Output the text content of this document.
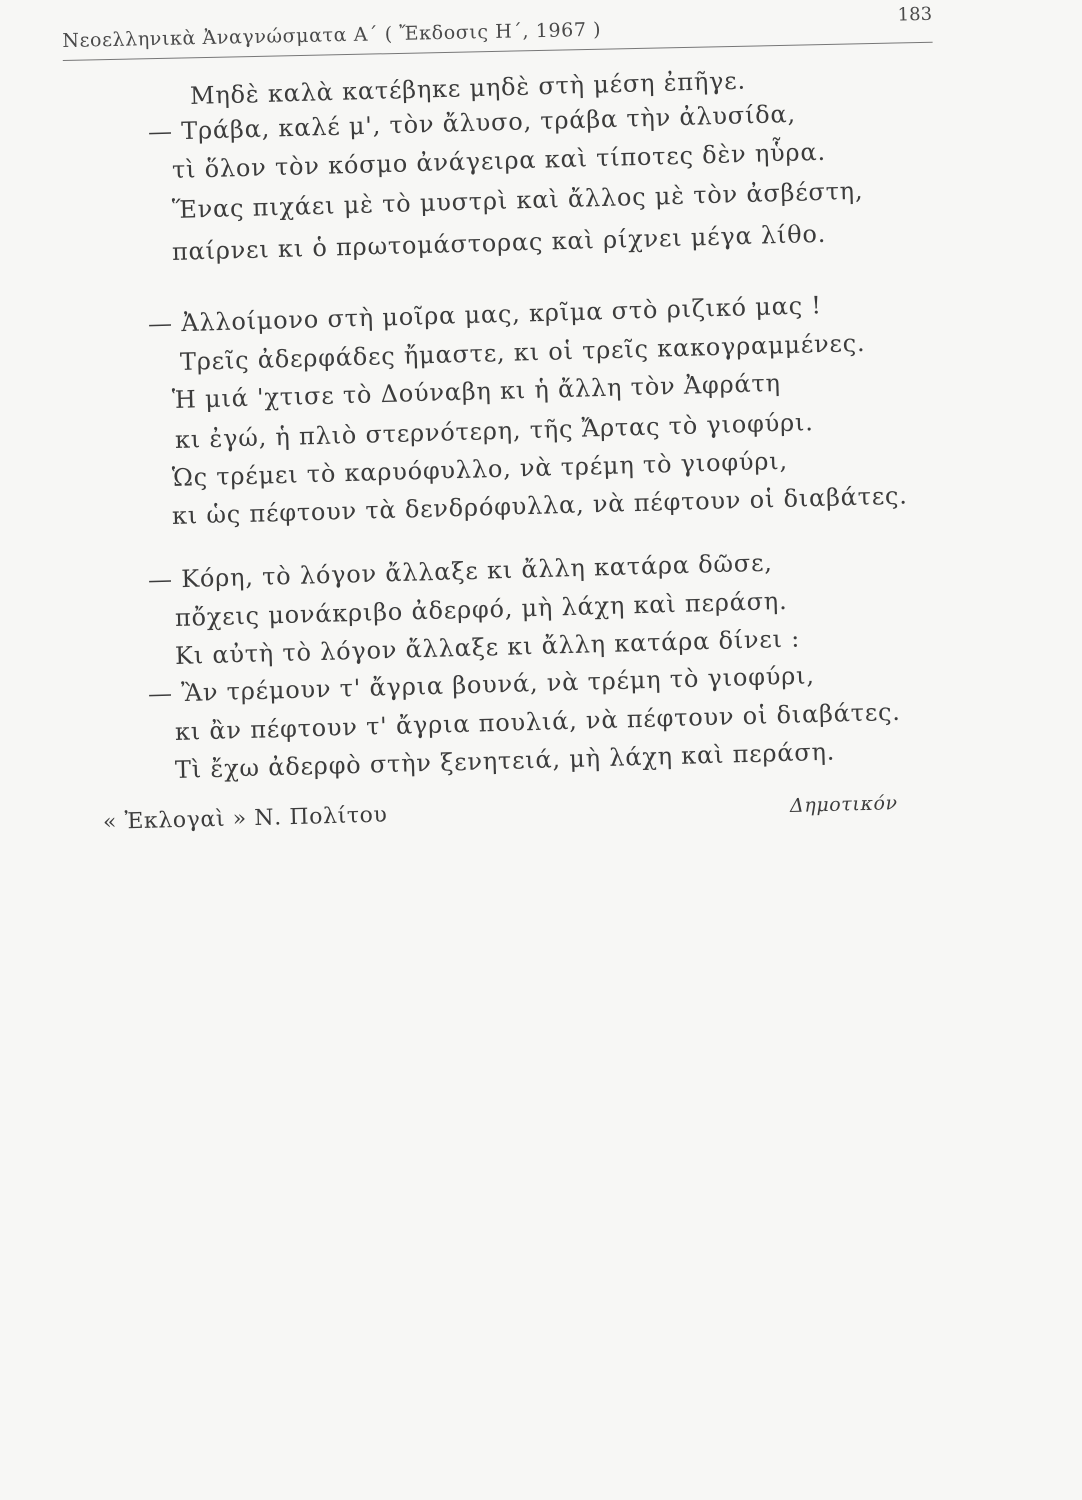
Νεοελληνικὰ Ἀναγνώσματα Α΄ ( Ἔκδοσις Η΄, 1967 )
183
Μηδὲ καλὰ κατέβηκε μηδὲ στὴ μέση ἐπῆγε.
— Τράβα, καλέ μ', τὸν ἄλυσο, τράβα τὴν ἀλυσίδα,
τὶ ὅλον τὸν κόσμο ἀνάγειρα καὶ τίποτες δὲν ηὗρα.
Ἕνας πιχάει μὲ τὸ μυστρὶ καὶ ἄλλος μὲ τὸν ἀσβέστη,
παίρνει κι ὁ πρωτομάστορας καὶ ρίχνει μέγα λίθο.
— Ἀλλοίμονο στὴ μοῖρα μας, κρῖμα στὸ ριζικό μας !
Τρεῖς ἀδερφάδες ἤμαστε, κι οἱ τρεῖς κακογραμμένες.
Ἡ μιά 'χτισε τὸ Δούναβη κι ἡ ἄλλη τὸν Ἀφράτη
κι ἐγώ, ἡ πλιὸ στερνότερη, τῆς Ἄρτας τὸ γιοφύρι.
Ὡς τρέμει τὸ καρυόφυλλο, νὰ τρέμη τὸ γιοφύρι,
κι ὡς πέφτουν τὰ δενδρόφυλλα, νὰ πέφτουν οἱ διαβάτες.
— Κόρη, τὸ λόγον ἄλλαξε κι ἄλλη κατάρα δῶσε,
πὄχεις μονάκριβο ἀδερφό, μὴ λάχη καὶ περάση.
Κι αὐτὴ τὸ λόγον ἄλλαξε κι ἄλλη κατάρα δίνει :
— Ἂν τρέμουν τ' ἄγρια βουνά, νὰ τρέμη τὸ γιοφύρι,
κι ἂν πέφτουν τ' ἄγρια πουλιά, νὰ πέφτουν οἱ διαβάτες.
Τὶ ἔχω ἀδερφὸ στὴν ξενητειά, μὴ λάχη καὶ περάση.
« Ἐκλογαὶ » Ν. Πολίτου	Δημοτικόν
